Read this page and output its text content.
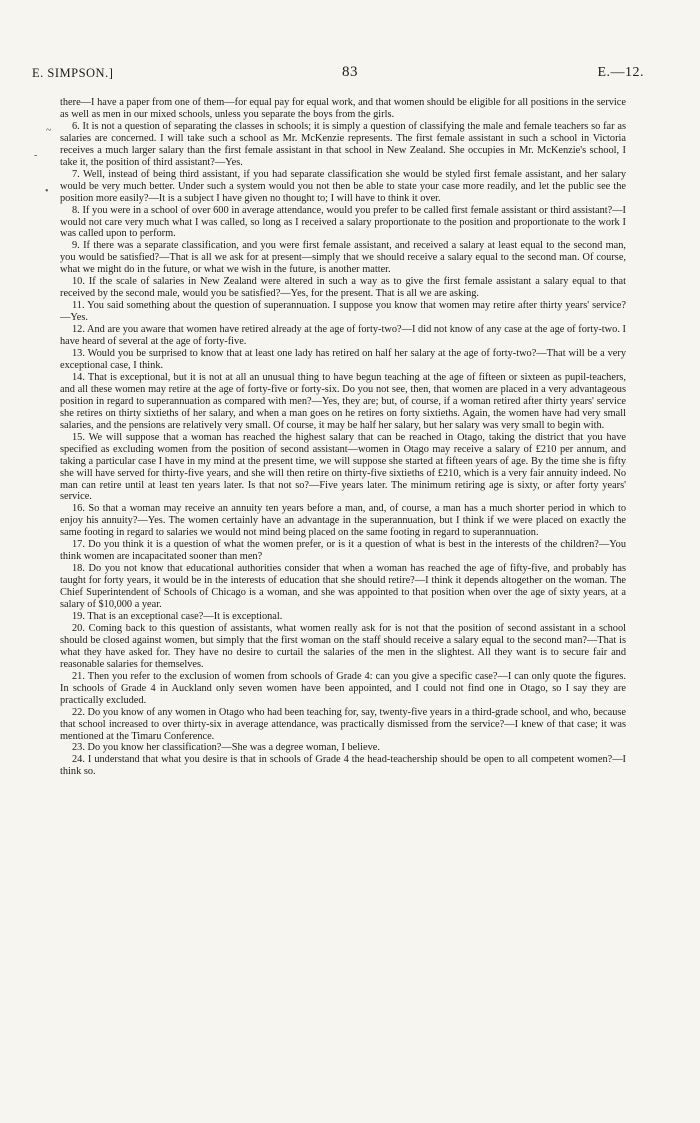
E. SIMPSON.]	83	E.—12.
~
-
•

there—I have a paper from one of them—for equal pay for equal work, and that women should be eligible for all positions in the service as well as men in our mixed schools, unless you separate the boys from the girls.

6. It is not a question of separating the classes in schools; it is simply a question of classifying the male and female teachers so far as salaries are concerned. I will take such a school as Mr. McKenzie represents. The first female assistant in such a school in Victoria receives a much larger salary than the first female assistant in that school in New Zealand. She occupies in Mr. McKenzie's school, I take it, the position of third assistant?—Yes.

7. Well, instead of being third assistant, if you had separate classification she would be styled first female assistant, and her salary would be very much better. Under such a system would you not then be able to state your case more readily, and let the public see the position more easily?—It is a subject I have given no thought to; I will have to think it over.

8. If you were in a school of over 600 in average attendance, would you prefer to be called first female assistant or third assistant?—I would not care very much what I was called, so long as I received a salary proportionate to the position and proportionate to the work I was called upon to perform.

9. If there was a separate classification, and you were first female assistant, and received a salary at least equal to the second man, you would be satisfied?—That is all we ask for at present—simply that we should receive a salary equal to the second man. Of course, what we might do in the future, or what we wish in the future, is another matter.

10. If the scale of salaries in New Zealand were altered in such a way as to give the first female assistant a salary equal to that received by the second male, would you be satisfied?—Yes, for the present. That is all we are asking.

11. You said something about the question of superannuation. I suppose you know that women may retire after thirty years' service?—Yes.

12. And are you aware that women have retired already at the age of forty-two?—I did not know of any case at the age of forty-two. I have heard of several at the age of forty-five.

13. Would you be surprised to know that at least one lady has retired on half her salary at the age of forty-two?—That will be a very exceptional case, I think.

14. That is exceptional, but it is not at all an unusual thing to have begun teaching at the age of fifteen or sixteen as pupil-teachers, and all these women may retire at the age of forty-five or forty-six. Do you not see, then, that women are placed in a very advantageous position in regard to superannuation as compared with men?—Yes, they are; but, of course, if a woman retired after thirty years' service she retires on thirty sixtieths of her salary, and when a man goes on he retires on forty sixtieths. Again, the women have had very small salaries, and the pensions are relatively very small. Of course, it may be half her salary, but her salary was very small to begin with.

15. We will suppose that a woman has reached the highest salary that can be reached in Otago, taking the district that you have specified as excluding women from the position of second assistant—women in Otago may receive a salary of £210 per annum, and taking a particular case I have in my mind at the present time, we will suppose she started at fifteen years of age. By the time she is fifty she will have served for thirty-five years, and she will then retire on thirty-five sixtieths of £210, which is a very fair annuity indeed. No man can retire until at least ten years later. Is that not so?—Five years later. The minimum retiring age is sixty, or after forty years' service.

16. So that a woman may receive an annuity ten years before a man, and, of course, a man has a much shorter period in which to enjoy his annuity?—Yes. The women certainly have an advantage in the superannuation, but I think if we were placed on exactly the same footing in regard to salaries we would not mind being placed on the same footing in regard to superannuation.

17. Do you think it is a question of what the women prefer, or is it a question of what is best in the interests of the children?—You think women are incapacitated sooner than men?

18. Do you not know that educational authorities consider that when a woman has reached the age of fifty-five, and probably has taught for forty years, it would be in the interests of education that she should retire?—I think it depends altogether on the woman. The Chief Superintendent of Schools of Chicago is a woman, and she was appointed to that position when over the age of sixty years, at a salary of $10,000 a year.

19. That is an exceptional case?—It is exceptional.

20. Coming back to this question of assistants, what women really ask for is not that the position of second assistant in a school should be closed against women, but simply that the first woman on the staff should receive a salary equal to the second man?—That is what they have asked for. They have no desire to curtail the salaries of the men in the slightest. All they want is to secure fair and reasonable salaries for themselves.

21. Then you refer to the exclusion of women from schools of Grade 4: can you give a specific case?—I can only quote the figures. In schools of Grade 4 in Auckland only seven women have been appointed, and I could not find one in Otago, so I say they are practically excluded.

22. Do you know of any women in Otago who had been teaching for, say, twenty-five years in a third-grade school, and who, because that school increased to over thirty-six in average attendance, was practically dismissed from the service?—I knew of that case; it was mentioned at the Timaru Conference.

23. Do you know her classification?—She was a degree woman, I believe.

24. I understand that what you desire is that in schools of Grade 4 the head-teachership should be open to all competent women?—I think so.
